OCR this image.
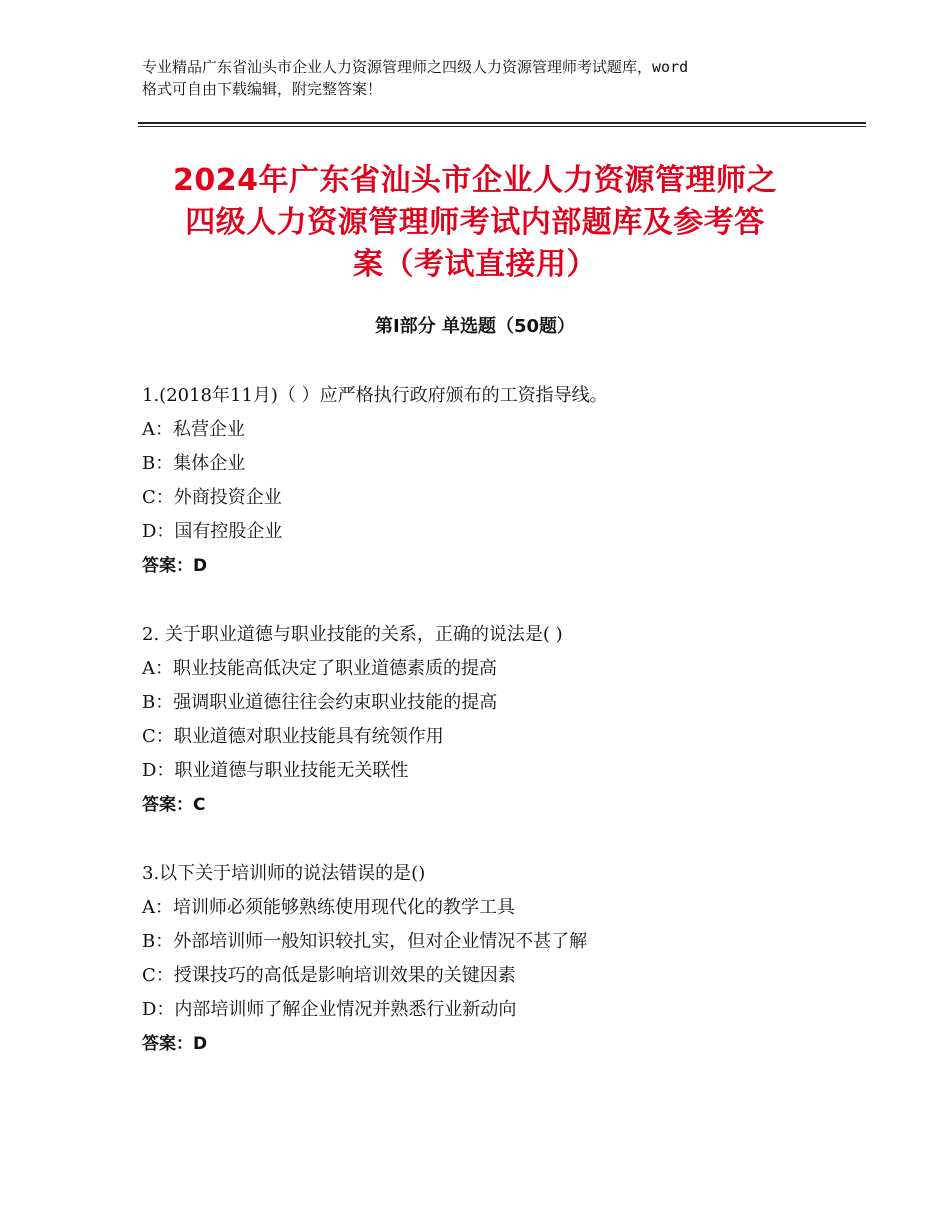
专业精品广东省汕头市企业人力资源管理师之四级人力资源管理师考试题库，word
格式可自由下载编辑，附完整答案！
2024年广东省汕头市企业人力资源管理师之
四级人力资源管理师考试内部题库及参考答
案（考试直接用）
第Ⅰ部分 单选题（50题）
1.(2018年11月)（ ）应严格执行政府颁布的工资指导线。
A：私营企业
B：集体企业
C：外商投资企业
D：国有控股企业
答案：D
2. 关于职业道德与职业技能的关系，正确的说法是( )
A：职业技能高低决定了职业道德素质的提高
B：强调职业道德往往会约束职业技能的提高
C：职业道德对职业技能具有统领作用
D：职业道德与职业技能无关联性
答案：C
3.以下关于培训师的说法错误的是()
A：培训师必须能够熟练使用现代化的教学工具
B：外部培训师一般知识较扎实，但对企业情况不甚了解
C：授课技巧的高低是影响培训效果的关键因素
D：内部培训师了解企业情况并熟悉行业新动向
答案：D
